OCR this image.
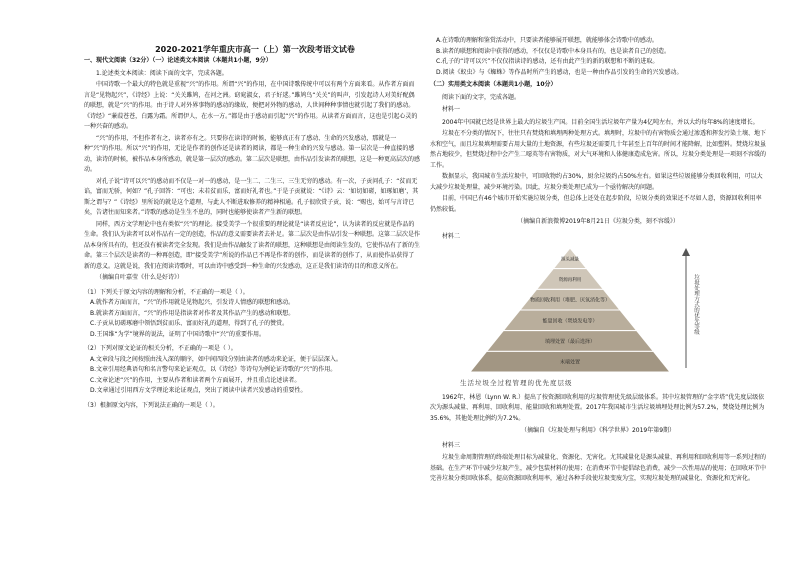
一、现代文阅读（32分）（一）论述类文本阅读（本题共1小题，9分）
1.论述类文本阅读：阅读下面的文字，完成各题。
中国诗歌一个最大的特色就是重视“兴”的作用。所谓“兴”的作用，在中国诗歌传统中可以有两个方面来看。从作者方面而言是“见物起兴”，《诗经》上说：“关关雎鸠，在河之洲。窈窕淑女，君子好逑。”雎鸠鸟“关关”的叫声，引发起诗人对美好配偶的联想，就是“兴”的作用。由于诗人对外界事物的感动的缘故，便把对外物的感动，人世间种种事情也就引起了我们的感动。《诗经》“蒹葭苍苍，白露为霜。所谓伊人，在水一方。”都是由于感动而引起“兴”的作用。从读者方面而言，这也是引起心灵的一种兴奋的感动。
“兴”的作用，不但作者有之，读者亦有之。只要你在读诗的时候，能够真正有了感动、生命的兴发感动，那就是一种“兴”的作用。所以“兴”的作用，无论是作者的创作还是读者的阅读，都是一种生命的兴发与感动。第一层次是一种直接的感动，读诗的时候，被作品本身所感动，就是第一层次的感动。第二层次是联想，由作品引发读者的联想，这是一种更高层次的感动。
对孔子说“诗可以兴”的感动而不仅是一对一的感动，是一生二、二生三、三生无穷的感动。有一次，子贡问孔子：“贫而无谄，富而无骄，何如？”孔子回答：“可也；未若贫而乐，富而好礼者也。”于是子贡就说：“《诗》云：‘如切如磋，如琢如磨’，其斯之谓与？”《诗经》里所说的就是这个道理，与此人不断进取修养的精神相通。孔子很欣赏子贡，说：“赐也，始可与言诗已矣，告诸往而知来者。”诗歌的感动是生生不息的，同时也能够使读者产生新的联想。
同样，西方文学理论中也有类似“兴”的理论。接受美学一个很重要的理论就是“读者反应论”，认为读者的反应就是作品的生命。我们认为读者可以对作品有一定的创造，作品的意义需要读者去补足。第二层次是由作品引发一种联想。这第二层次是作品本身所具有的，但还没有被读者完全发现。我们是由作品触发了读者的联想，这种联想是由阅读生发的，它使作品有了新的生命。第三个层次是读者的一种再创造，即“接受美学”所说的作品已不再是作者的创作，而是读者的创作了，从而使作品获得了新的意义。这就是说，我们在阅读诗歌时，可以由诗中感受到一种生命的兴发感动，这正是我们读诗的目的和意义所在。
（摘编自叶嘉莹《什么是好诗》）
（1）下列关于原文内容的理解和分析，不正确的一项是（ ）。
A.就作者方面而言，“兴”的作用就是见物起兴，引发诗人情感的联想和感动。
B.就读者方面而言，“兴”的作用是指读者对作者及其作品产生的感动和联想。
C.子贡从切磋琢磨中领悟到贫而乐、富而好礼的道理，得到了孔子的赞赏。
D.王国维“为学”境界的说法，证明了中国诗歌中“兴”的重要作用。
（2）下列对原文论证的相关分析，不正确的一项是（ ）。
A.文章段与段之间按照由浅入深的顺序，如中间四段分别由读者的感动来论证，便于层层深入。
B.文章引用经典语句和名言警句来论证观点，以《诗经》等诗句为例论证诗歌的“兴”的作用。
C.文章论述“兴”的作用，主要从作者和读者两个方面展开，并且重点论述读者。
D.文章通过引用西方文学理论来论证观点，突出了阅读中读者兴发感动的重要性。
（3）根据原文内容，下列说法正确的一项是（ ）。
2020-2021学年重庆市高一（上）第一次段考语文试卷
A.在诗歌的理解和鉴赏活动中，只要读者能够展开联想，就能够体会诗歌中的感动。
B.读者的联想和阅读中获得的感动，不仅仅是诗歌中本身具有的，也是读者自己的创造。
C.孔子的“诗可以兴”不仅仅指读诗的感动，还有由此产生的新的联想和不断的进取。
D.阅读《蚁虫》与《蜘蛛》等作品时所产生的感动，也是一种由作品引发的生命的兴发感动。
（二）实用类文本阅读（本题共1小题，10分）
阅读下面的文字，完成各题。
材料一
2004年中国就已经是世界上最大的垃圾生产国。目前全国生活垃圾年产量为4亿吨左右，并以大约每年8%的速度增长。
垃圾在不分类的情况下，往往只有焚烧和填埋两种处理方式。填埋时，垃圾中的有害物质会通过渗透和挥发污染土壤、地下水和空气，而且垃圾填埋需要占用大量的土地资源，有些垃圾还需要几十年甚至上百年的时间才能降解，比如塑料。焚烧垃圾虽然占地较少，但焚烧过程中会产生二噁英等有害物质，对大气环境和人体健康造成危害。所以，垃圾分类处理是一项刻不容缓的工作。
数据显示，我国城市生活垃圾中，可回收物约占30%，厨余垃圾约占50%左右。如果这些垃圾能够分类回收利用，可以大大减少垃圾处理量，减少环境污染。因此，垃圾分类处理已成为一个亟待解决的问题。
目前，中国已有46个城市开始实施垃圾分类，但总体上还处在起步阶段，垃圾分类的效果还不尽如人意，资源回收利用率仍然较低。
（摘编自新浪微博2019年8月21日《垃圾分类，刻不容缓》）
材料二
源头减量
资源再利用
物质回收利用（堆肥、厌氧消化等）
能量回收（焚烧发电等）
填埋处置（最后选择）
末端处置
垃圾处理方式的优先等级
生活垃圾全过程管理的优先度层级
1962年，林恩（Lynn W. R.）提出了按资源回收利用的垃圾管理优先级层级体系。其中垃圾管理的“金字塔”优先度层级依次为源头减量、再利用、回收利用、能量回收和填埋处置。2017年我国城市生活垃圾填埋处理比例为57.2%，焚烧处理比例为35.6%，其他处理比例约为7.2%。
（摘编自《垃圾处理与利用》《科学世界》2019年第9期）
材料三
垃圾生命周期管理的终端处理目标为减量化、资源化、无害化。尤其减量化是源头减量、再利用和回收利用等一系列过程的基础。在生产环节中减少垃圾产生，减少包装材料的使用；在消费环节中提倡绿色消费，减少一次性用品的使用；在回收环节中完善垃圾分类回收体系，提高资源回收利用率，通过各种手段使垃圾变废为宝，实现垃圾处理的减量化、资源化和无害化。
